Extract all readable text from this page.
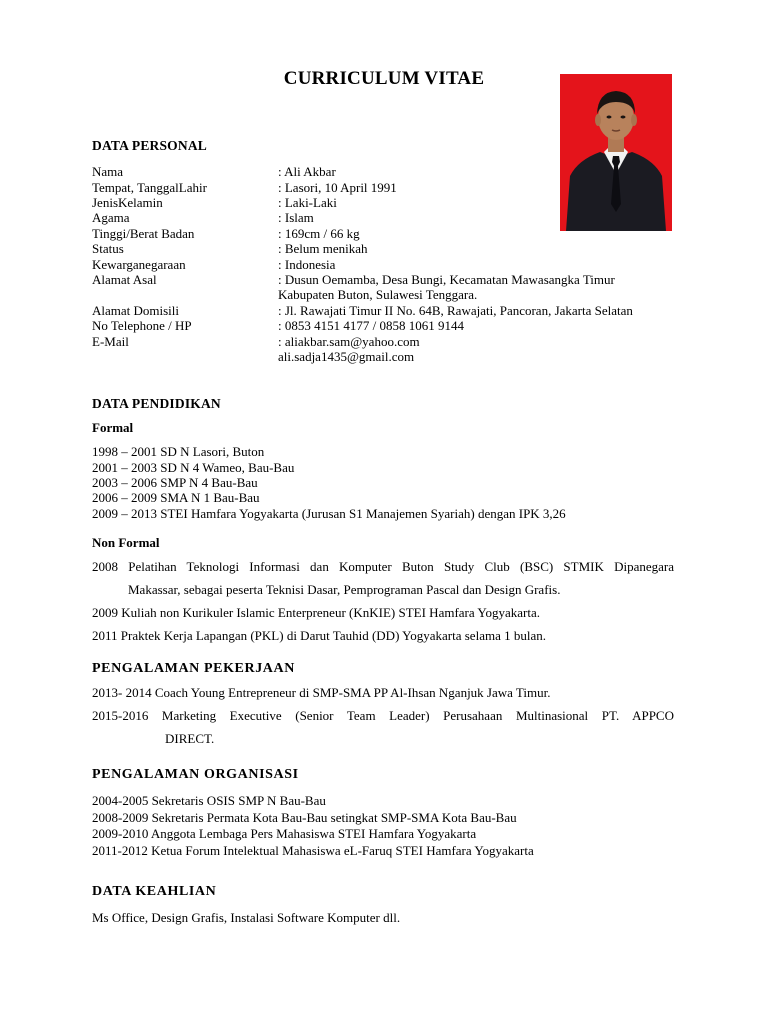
CURRICULUM VITAE
DATA PERSONAL
Nama	: Ali Akbar
Tempat, TanggalLahir	: Lasori, 10 April 1991
JenisKelamin	: Laki-Laki
Agama	: Islam
Tinggi/Berat Badan	: 169cm / 66 kg
Status	: Belum menikah
Kewarganegaraan	: Indonesia
Alamat Asal	: Dusun Oemamba, Desa Bungi, Kecamatan Mawasangka Timur
Kabupaten Buton, Sulawesi Tenggara.
Alamat Domisili	: Jl. Rawajati Timur II No. 64B, Rawajati, Pancoran, Jakarta Selatan
No Telephone / HP	: 0853 4151 4177 / 0858 1061 9144
E-Mail	: aliakbar.sam@yahoo.com
ali.sadja1435@gmail.com
DATA PENDIDIKAN
Formal
1998 – 2001 SD N Lasori, Buton
2001 – 2003 SD N 4 Wameo, Bau-Bau
2003 – 2006 SMP N 4 Bau-Bau
2006 – 2009 SMA N 1 Bau-Bau
2009 – 2013 STEI Hamfara Yogyakarta (Jurusan S1 Manajemen Syariah) dengan IPK 3,26
Non Formal
2008 Pelatihan Teknologi Informasi dan Komputer Buton Study Club (BSC) STMIK Dipanegara
Makassar, sebagai peserta Teknisi Dasar, Pemprograman Pascal dan Design Grafis.
2009 Kuliah non Kurikuler Islamic Enterpreneur (KnKIE) STEI Hamfara Yogyakarta.
2011 Praktek Kerja Lapangan (PKL) di Darut Tauhid (DD) Yogyakarta selama 1 bulan.
PENGALAMAN PEKERJAAN
2013- 2014 Coach Young Entrepreneur di SMP-SMA PP Al-Ihsan Nganjuk Jawa Timur.
2015-2016 Marketing Executive (Senior Team Leader) Perusahaan Multinasional PT. APPCO
DIRECT.
PENGALAMAN ORGANISASI
2004-2005 Sekretaris OSIS SMP N Bau-Bau
2008-2009 Sekretaris Permata Kota Bau-Bau setingkat SMP-SMA Kota Bau-Bau
2009-2010 Anggota Lembaga Pers Mahasiswa STEI Hamfara Yogyakarta
2011-2012 Ketua Forum Intelektual Mahasiswa eL-Faruq STEI Hamfara Yogyakarta
DATA KEAHLIAN
Ms Office, Design Grafis, Instalasi Software Komputer dll.
